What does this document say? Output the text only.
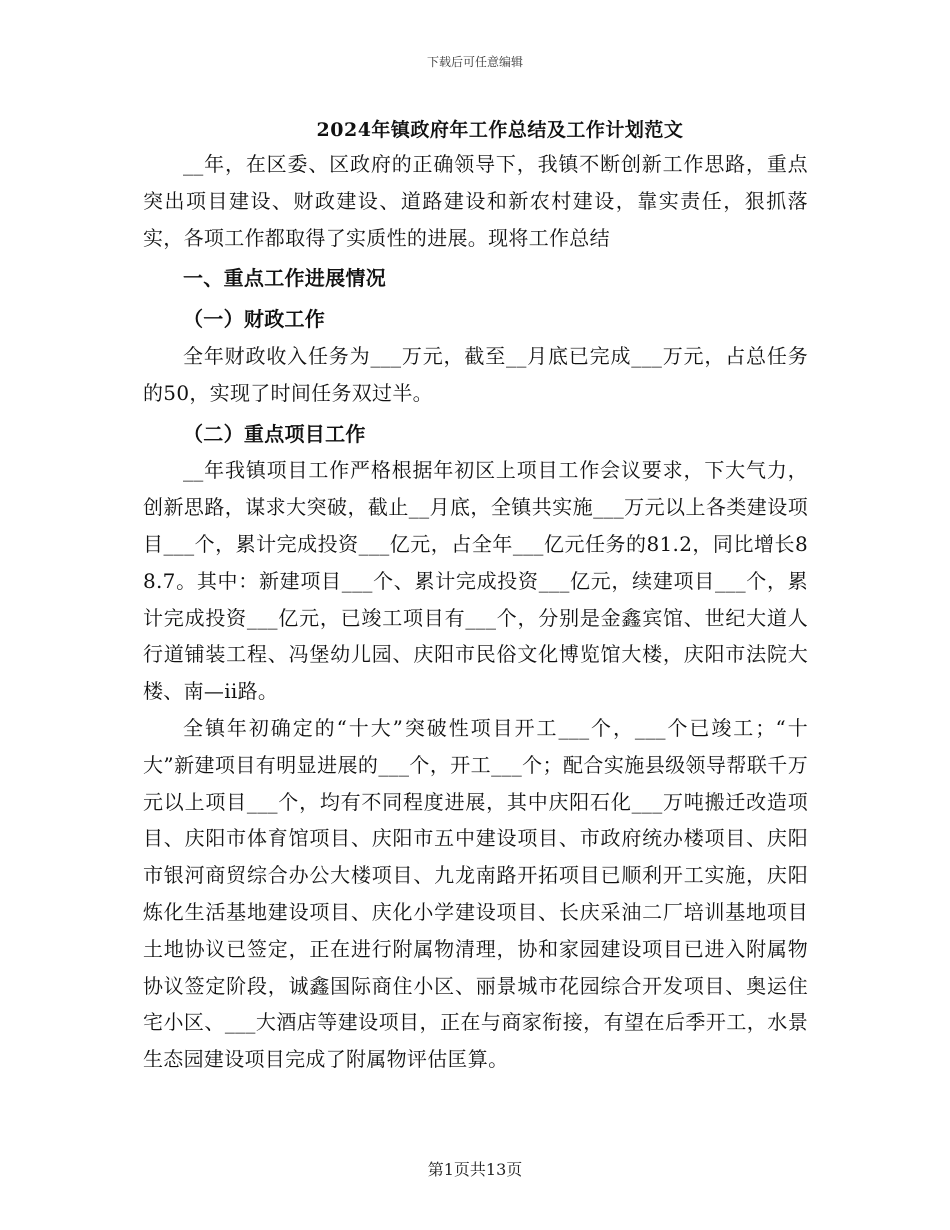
下载后可任意编辑
2024年镇政府年工作总结及工作计划范文

__年，在区委、区政府的正确领导下，我镇不断创新工作思路，重点突出项目建设、财政建设、道路建设和新农村建设，靠实责任，狠抓落实，各项工作都取得了实质性的进展。现将工作总结

一、重点工作进展情况

（一）财政工作

全年财政收入任务为___万元，截至__月底已完成___万元，占总任务的50，实现了时间任务双过半。

（二）重点项目工作

__年我镇项目工作严格根据年初区上项目工作会议要求，下大气力，创新思路，谋求大突破，截止__月底，全镇共实施___万元以上各类建设项目___个，累计完成投资___亿元，占全年___亿元任务的81.2，同比增长88.7。其中：新建项目___个、累计完成投资___亿元，续建项目___个，累计完成投资___亿元，已竣工项目有___个，分别是金鑫宾馆、世纪大道人行道铺装工程、冯堡幼儿园、庆阳市民俗文化博览馆大楼，庆阳市法院大楼、南—ii路。

全镇年初确定的“十大”突破性项目开工___个，___个已竣工；“十大”新建项目有明显进展的___个，开工___个；配合实施县级领导帮联千万元以上项目___个，均有不同程度进展，其中庆阳石化___万吨搬迁改造项目、庆阳市体育馆项目、庆阳市五中建设项目、市政府统办楼项目、庆阳市银河商贸综合办公大楼项目、九龙南路开拓项目已顺利开工实施，庆阳炼化生活基地建设项目、庆化小学建设项目、长庆采油二厂培训基地项目土地协议已签定，正在进行附属物清理，协和家园建设项目已进入附属物协议签定阶段，诚鑫国际商住小区、丽景城市花园综合开发项目、奥运住宅小区、___大酒店等建设项目，正在与商家衔接，有望在后季开工，水景生态园建设项目完成了附属物评估匡算。

第1页共13页
